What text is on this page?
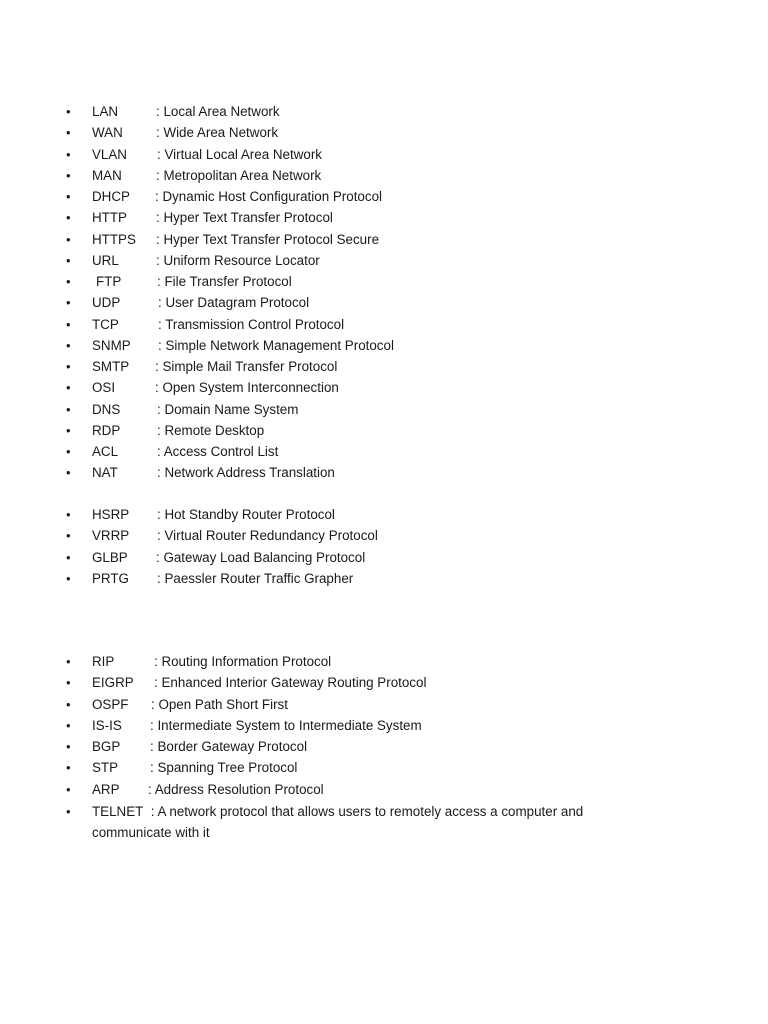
• LAN	: Local Area Network
• WAN : Wide Area Network
• VLAN : Virtual Local Area Network
• MAN	: Metropolitan Area Network
• DHCP : Dynamic Host Configuration Protocol
• HTTP : Hyper Text Transfer Protocol
• HTTPS : Hyper Text Transfer Protocol Secure
• URL	: Uniform Resource Locator
• FTP	: File Transfer Protocol
• UDP	: User Datagram Protocol
• TCP	: Transmission Control Protocol
• SNMP : Simple Network Management Protocol
• SMTP : Simple Mail Transfer Protocol
• OSI	: Open System Interconnection
• DNS	: Domain Name System
• RDP	: Remote Desktop
• ACL	: Access Control List
• NAT	: Network Address Translation
• HSRP : Hot Standby Router Protocol
• VRRP : Virtual Router Redundancy Protocol
• GLBP : Gateway Load Balancing Protocol
• PRTG : Paessler Router Traffic Grapher
• RIP	: Routing Information Protocol
• EIGRP : Enhanced Interior Gateway Routing Protocol
• OSPF : Open Path Short First
• IS-IS : Intermediate System to Intermediate System
• BGP : Border Gateway Protocol
• STP : Spanning Tree Protocol
• ARP : Address Resolution Protocol
• TELNET : A network protocol that allows users to remotely access a computer and communicate with it
